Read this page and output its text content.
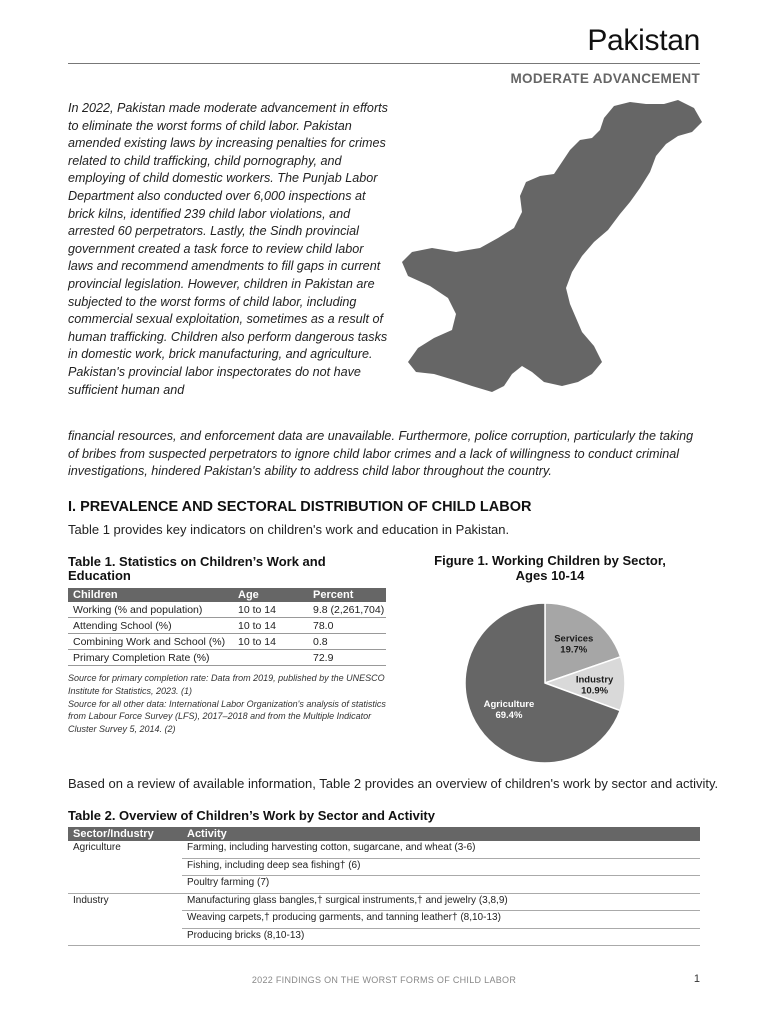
Pakistan
MODERATE ADVANCEMENT

In 2022, Pakistan made moderate advancement in efforts to eliminate the worst forms of child labor. Pakistan amended existing laws by increasing penalties for crimes related to child trafficking, child pornography, and employing of child domestic workers. The Punjab Labor Department also conducted over 6,000 inspections at brick kilns, identified 239 child labor violations, and arrested 60 perpetrators. Lastly, the Sindh provincial government created a task force to review child labor laws and recommend amendments to fill gaps in current provincial legislation. However, children in Pakistan are subjected to the worst forms of child labor, including commercial sexual exploitation, sometimes as a result of human trafficking. Children also perform dangerous tasks in domestic work, brick manufacturing, and agriculture. Pakistan's provincial labor inspectorates do not have sufficient human and

financial resources, and enforcement data are unavailable. Furthermore, police corruption, particularly the taking of bribes from suspected perpetrators to ignore child labor crimes and a lack of willingness to conduct criminal investigations, hindered Pakistan's ability to address child labor throughout the country.

I. PREVALENCE AND SECTORAL DISTRIBUTION OF CHILD LABOR
Table 1 provides key indicators on children's work and education in Pakistan.
Table 1. Statistics on Children’s Work and Education
Children	Age	Percent
Working (% and population)	10 to 14	9.8 (2,261,704)
Attending School (%)	10 to 14	78.0
Combining Work and School (%)	10 to 14	0.8
Primary Completion Rate (%)		72.9
Source for primary completion rate: Data from 2019, published by the UNESCO Institute for Statistics, 2023. (1)
Source for all other data: International Labor Organization's analysis of statistics from Labour Force Survey (LFS), 2017–2018 and from the Multiple Indicator Cluster Survey 5, 2014. (2)
Figure 1. Working Children by Sector, Ages 10-14
Services
19.7%
Industry
10.9%
Agriculture
69.4%
Based on a review of available information, Table 2 provides an overview of children's work by sector and activity.
Table 2. Overview of Children’s Work by Sector and Activity
Sector/Industry	Activity
Agriculture	Farming, including harvesting cotton, sugarcane, and wheat (3-6)
	Fishing, including deep sea fishing† (6)
	Poultry farming (7)
Industry	Manufacturing glass bangles,† surgical instruments,† and jewelry (3,8,9)
	Weaving carpets,† producing garments, and tanning leather† (8,10-13)
	Producing bricks (8,10-13)
2022 FINDINGS ON THE WORST FORMS OF CHILD LABOR	1
